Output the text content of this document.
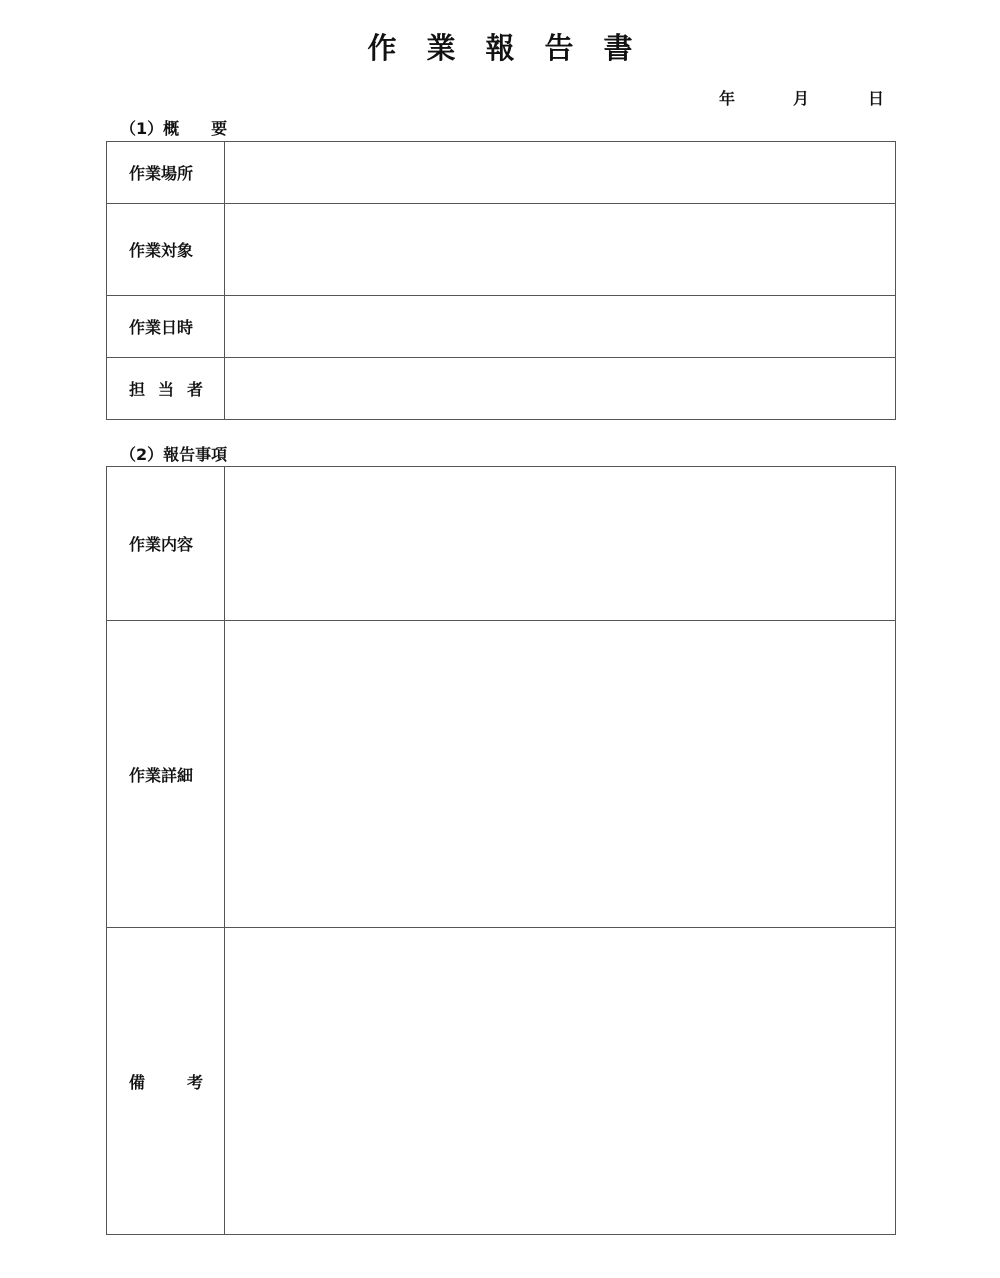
作業報告書
年	月	日
（1）概　　要
作業場所	
作業対象	
作業日時	

担 当 者	

（2）報告事項
作業内容	
作業詳細	

備 考	
